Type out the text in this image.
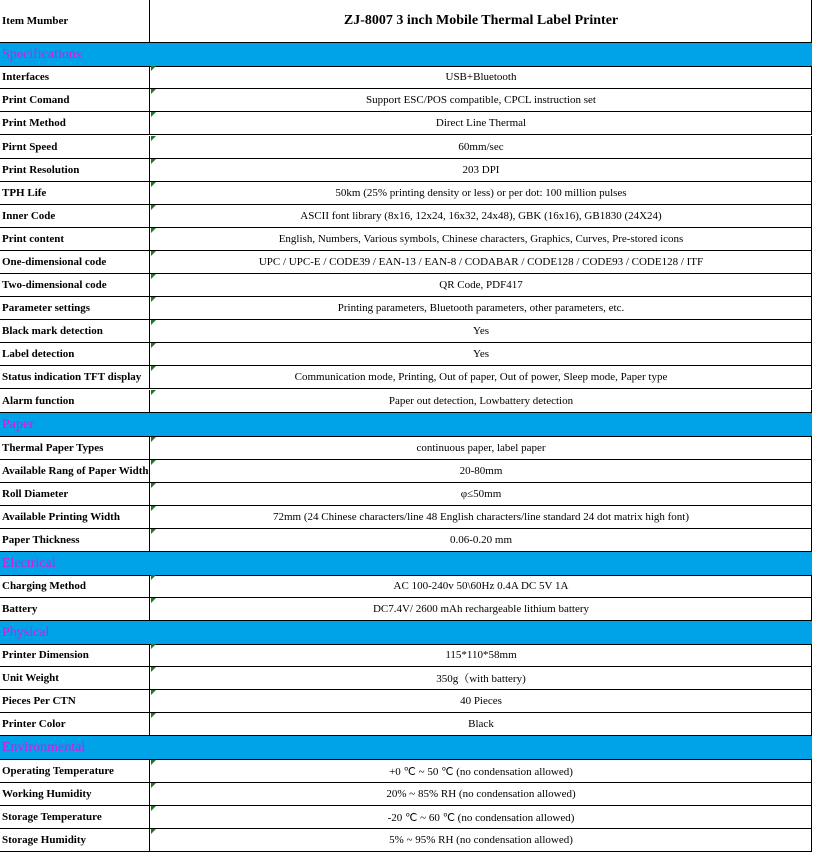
Item Mumber	ZJ-8007 3 inch Mobile Thermal Label Printer
Specifications
Interfaces	USB+Bluetooth
Print Comand	Support ESC/POS compatible, CPCL instruction set
Print Method	Direct Line Thermal
Pirnt Speed	60mm/sec
Print Resolution	203 DPI
TPH Life	50km (25% printing density or less) or per dot: 100 million pulses
Inner Code	ASCII font library (8x16, 12x24, 16x32, 24x48), GBK (16x16), GB1830 (24X24)
Print content	English, Numbers, Various symbols, Chinese characters, Graphics, Curves, Pre-stored icons
One-dimensional code	UPC / UPC-E / CODE39 / EAN-13 / EAN-8 / CODABAR / CODE128 / CODE93 / CODE128 / ITF
Two-dimensional code	QR Code, PDF417
Parameter settings	Printing parameters, Bluetooth parameters, other parameters, etc.
Black mark detection	Yes
Label detection	Yes
Status indication TFT display	Communication mode, Printing, Out of paper, Out of power, Sleep mode, Paper type
Alarm function	Paper out detection, Lowbattery detection
Paper
Thermal Paper Types	continuous paper, label paper
Available Rang of Paper Width	20-80mm
Roll Diameter	φ≤50mm
Available Printing Width	72mm (24 Chinese characters/line 48 English characters/line standard 24 dot matrix high font)
Paper Thickness	0.06-0.20 mm
Electrical
Charging Method	AC 100-240v 50\60Hz 0.4A DC 5V 1A
Battery	DC7.4V/ 2600 mAh rechargeable lithium battery
Physical
Printer Dimension	115*110*58mm
Unit Weight	350g（with battery)
Pieces Per CTN	40 Pieces
Printer Color	Black
Environmental
Operating Temperature	+0 ℃ ~ 50 ℃ (no condensation allowed)
Working Humidity	20% ~ 85% RH (no condensation allowed)
Storage Temperature	-20 ℃ ~ 60 ℃ (no condensation allowed)
Storage Humidity	5% ~ 95% RH (no condensation allowed)
